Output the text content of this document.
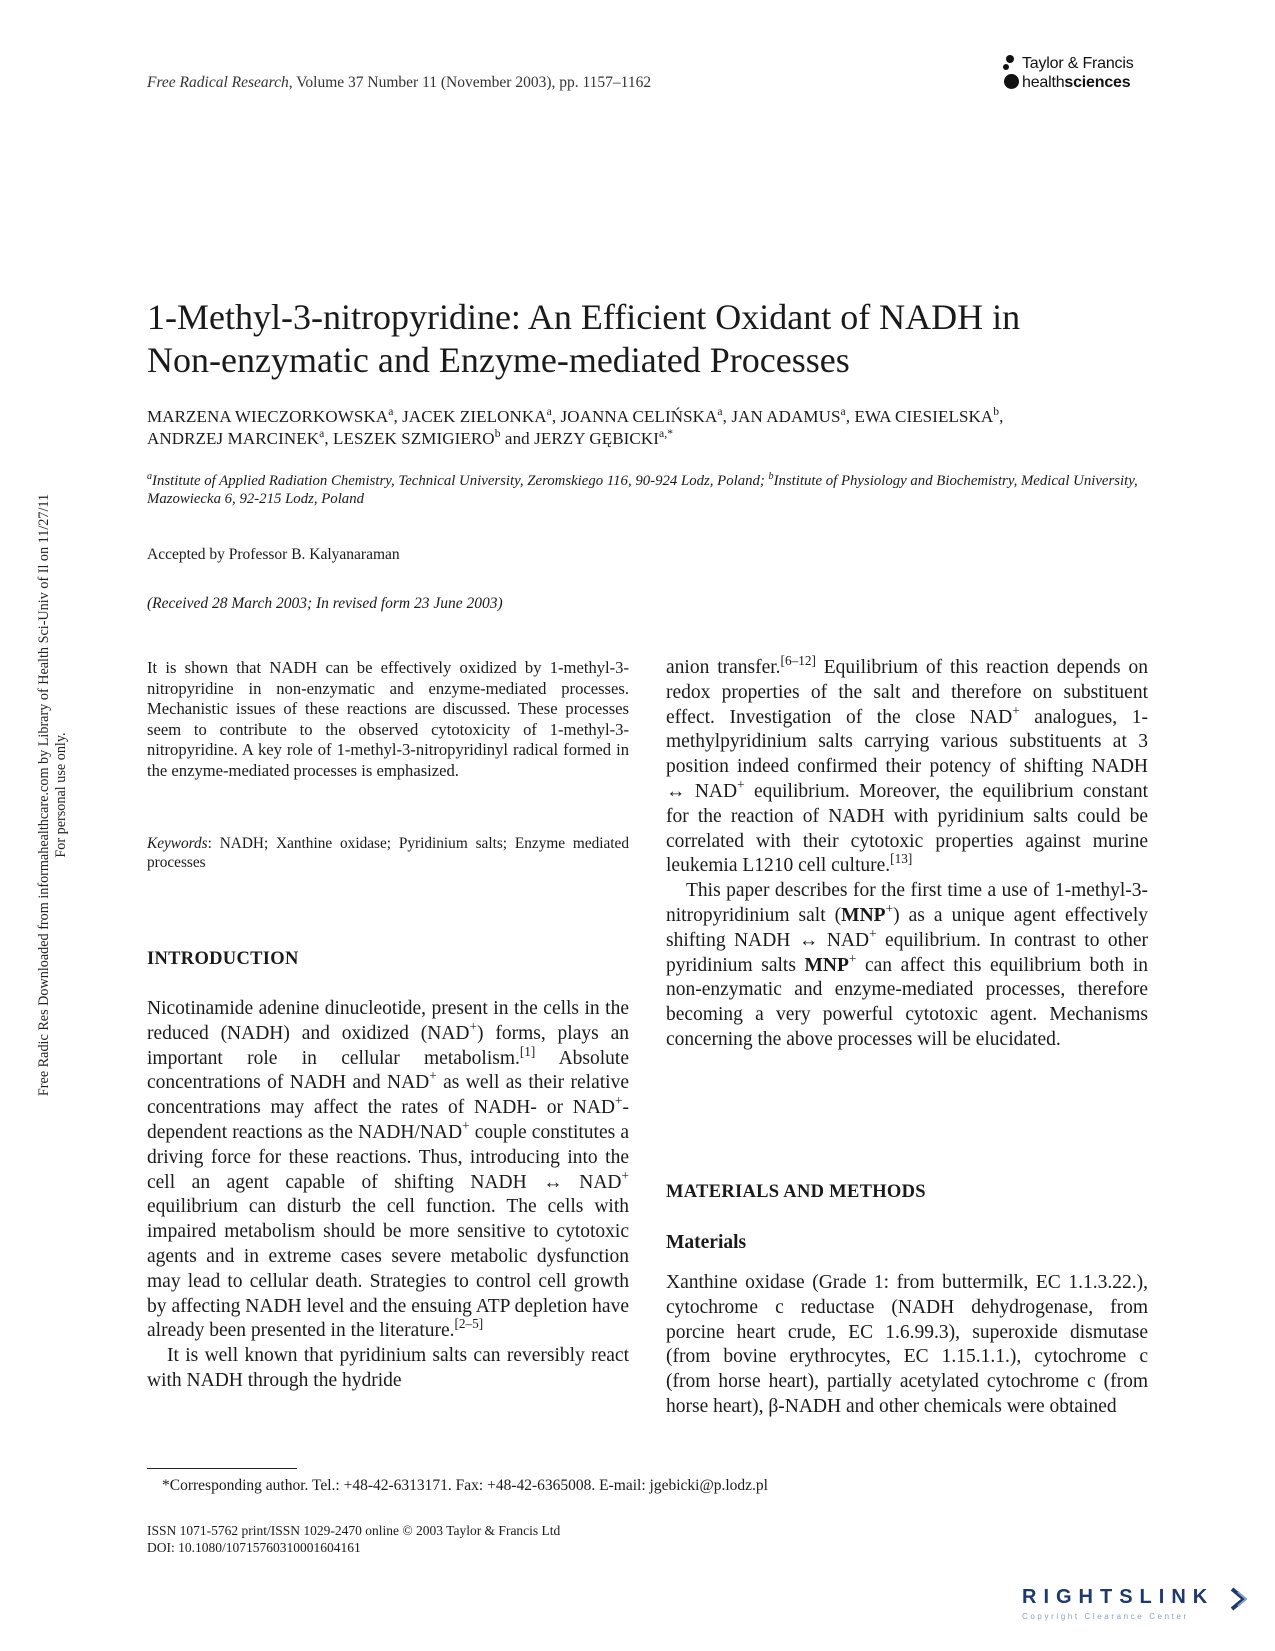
Free Radical Research, Volume 37 Number 11 (November 2003), pp. 1157–1162
Taylor & Francis
healthsciences
1-Methyl-3-nitropyridine: An Efficient Oxidant of NADH in
Non-enzymatic and Enzyme-mediated Processes
MARZENA WIECZORKOWSKA$^a$, JACEK ZIELONKA$^a$, JOANNA CELIŃSKA$^a$, JAN ADAMUS$^a$, EWA CIESIELSKA$^b$,
ANDRZEJ MARCINEK$^a$, LESZEK SZMIGIERO$^b$ and JERZY $GĘBICKI^{a,*}$
$^a$Institute of Applied Radiation Chemistry, Technical University, Zeromskiego 116, 90-924 Lodz, Poland; $^b$Institute of Physiology and Biochemistry, Medical University, Mazowiecka 6, 92-215 Lodz, Poland
Accepted by Professor B. Kalyanaraman
(Received 28 March 2003; In revised form 23 June 2003)
It is shown that NADH can be effectively oxidized by 1-methyl-3-nitropyridine in non-enzymatic and enzyme-mediated processes. Mechanistic issues of these reactions are discussed. These processes seem to contribute to the observed cytotoxicity of 1-methyl-3-nitropyridine. A key role of 1-methyl-3-nitropyridinyl radical formed in the enzyme-mediated processes is emphasized.
Keywords: NADH; Xanthine oxidase; Pyridinium salts; Enzyme mediated processes
INTRODUCTION

Nicotinamide adenine dinucleotide, present in the cells in the reduced (NADH) and oxidized (NAD+) forms, plays an important role in cellular metabolism.[1] Absolute concentrations of NADH and NAD+ as well as their relative concentrations may affect the rates of NADH- or NAD+-dependent reactions as the NADH/NAD+ couple constitutes a driving force for these reactions. Thus, introducing into the cell an agent capable of shifting NADH ↔ NAD+ equilibrium can disturb the cell function. The cells with impaired metabolism should be more sensitive to cytotoxic agents and in extreme cases severe metabolic dysfunction may lead to cellular death. Strategies to control cell growth by affecting NADH level and the ensuing ATP depletion have already been presented in the literature.[2–5]

It is well known that pyridinium salts can reversibly react with NADH through the hydride

anion transfer.[6–12] Equilibrium of this reaction depends on redox properties of the salt and therefore on substituent effect. Investigation of the close NAD+ analogues, 1-methylpyridinium salts carrying various substituents at 3 position indeed confirmed their potency of shifting NADH ↔ NAD+ equilibrium. Moreover, the equilibrium constant for the reaction of NADH with pyridinium salts could be correlated with their cytotoxic properties against murine leukemia L1210 cell culture.[13]

This paper describes for the first time a use of 1-methyl-3-nitropyridinium salt (MNP+) as a unique agent effectively shifting NADH ↔ NAD+ equilibrium. In contrast to other pyridinium salts MNP+ can affect this equilibrium both in non-enzymatic and enzyme-mediated processes, therefore becoming a very powerful cytotoxic agent. Mechanisms concerning the above processes will be elucidated.

MATERIALS AND METHODS
Materials
Xanthine oxidase (Grade 1: from buttermilk, EC 1.1.3.22.), cytochrome c reductase (NADH dehydrogenase, from porcine heart crude, EC 1.6.99.3), superoxide dismutase (from bovine erythrocytes, EC 1.15.1.1.), cytochrome c (from horse heart), partially acetylated cytochrome c (from horse heart), β-NADH and other chemicals were obtained
*Corresponding author. Tel.: +48-42-6313171. Fax: +48-42-6365008. E-mail: jgebicki@p.lodz.pl
ISSN 1071-5762 print/ISSN 1029-2470 online © 2003 Taylor & Francis Ltd
DOI: 10.1080/10715760310001604161
Free Radic Res Downloaded from informahealthcare.com by Library of Health Sci-Univ of Il on 11/27/11 For personal use only.
RIGHTSLINK
Copyright Clearance Center
